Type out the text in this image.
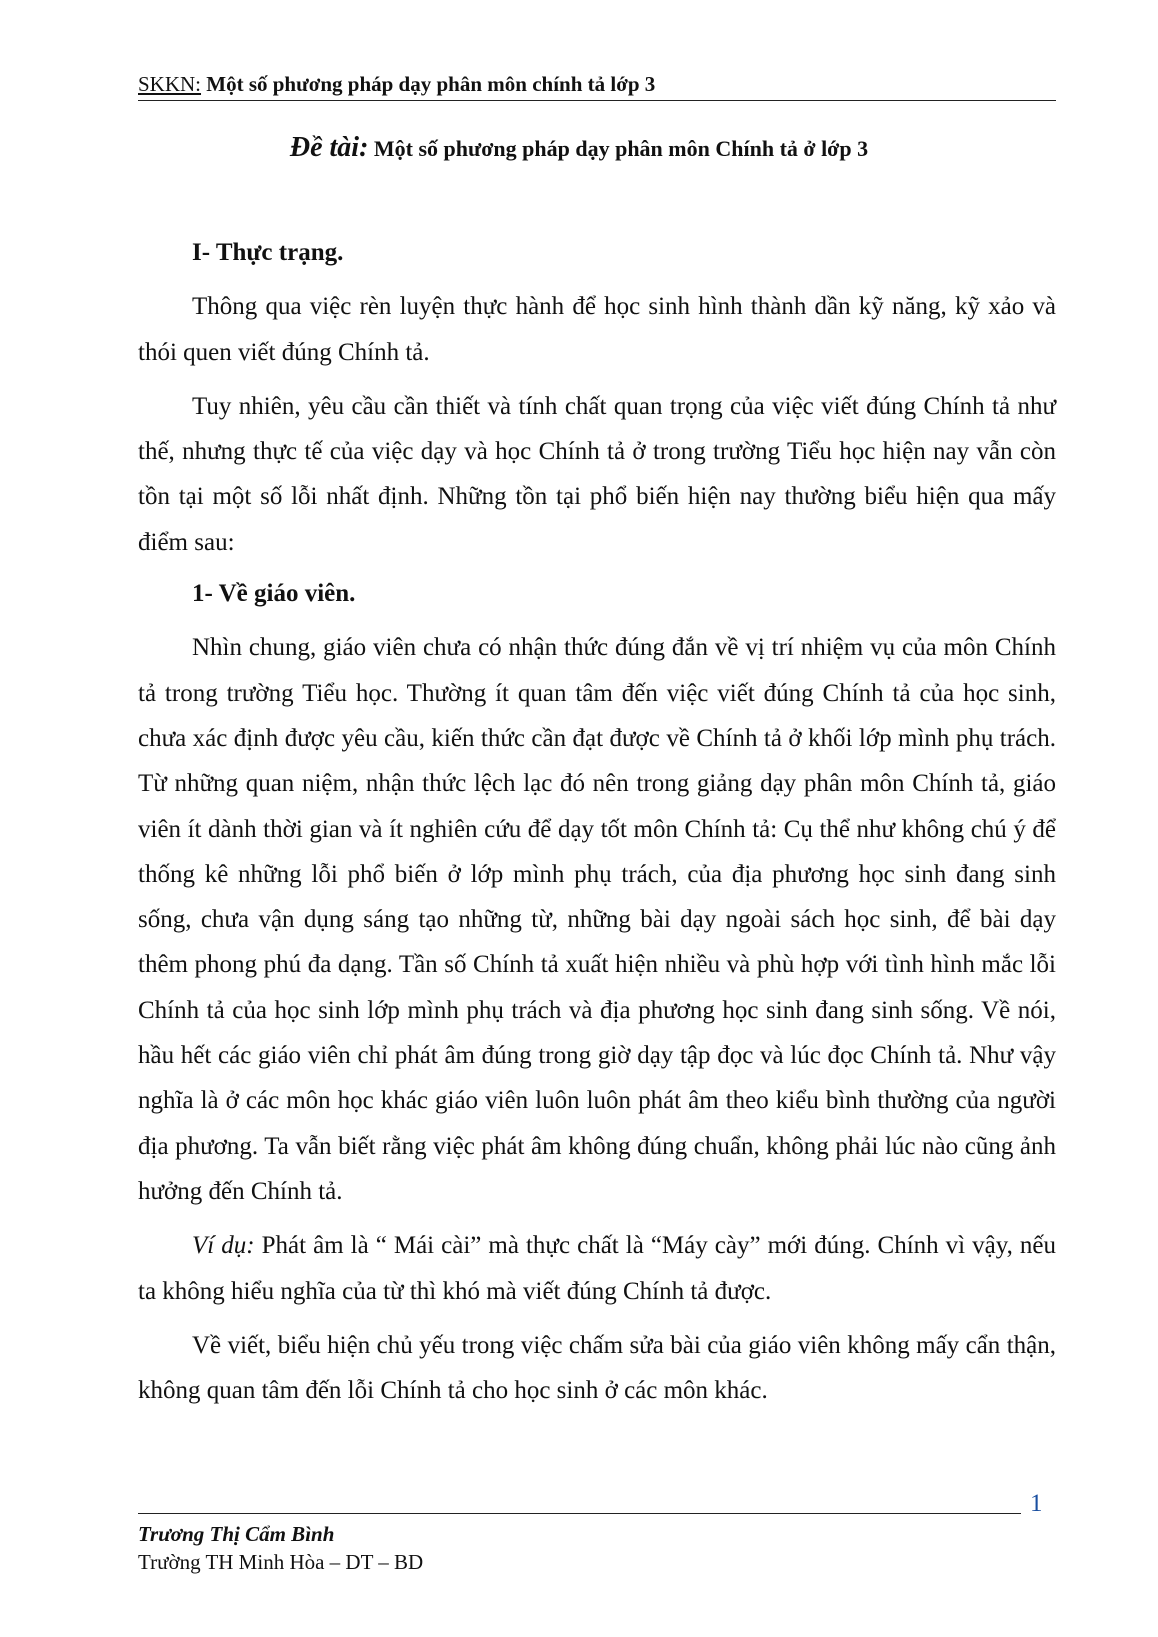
SKKN: Một số phương pháp dạy phân môn chính tả lớp 3
Đề tài: Một số phương pháp dạy phân môn Chính tả ở lớp 3

I- Thực trạng.

Thông qua việc rèn luyện thực hành để học sinh hình thành dần kỹ năng, kỹ xảo và thói quen viết đúng Chính tả.

Tuy nhiên, yêu cầu cần thiết và tính chất quan trọng của việc viết đúng Chính tả như thế, nhưng thực tế của việc dạy và học Chính tả ở trong trường Tiểu học hiện nay vẫn còn tồn tại một số lỗi nhất định. Những tồn tại phổ biến hiện nay thường biểu hiện qua mấy điểm sau:

1- Về giáo viên.

Nhìn chung, giáo viên chưa có nhận thức đúng đắn về vị trí nhiệm vụ của môn Chính tả trong trường Tiểu học. Thường ít quan tâm đến việc viết đúng Chính tả của học sinh, chưa xác định được yêu cầu, kiến thức cần đạt được về Chính tả ở khối lớp mình phụ trách. Từ những quan niệm, nhận thức lệch lạc đó nên trong giảng dạy phân môn Chính tả, giáo viên ít dành thời gian và ít nghiên cứu để dạy tốt môn Chính tả: Cụ thể như không chú ý để thống kê những lỗi phổ biến ở lớp mình phụ trách, của địa phương học sinh đang sinh sống, chưa vận dụng sáng tạo những từ, những bài dạy ngoài sách học sinh, để bài dạy thêm phong phú đa dạng. Tần số Chính tả xuất hiện nhiều và phù hợp với tình hình mắc lỗi Chính tả của học sinh lớp mình phụ trách và địa phương học sinh đang sinh sống. Về nói, hầu hết các giáo viên chỉ phát âm đúng trong giờ dạy tập đọc và lúc đọc Chính tả. Như vậy nghĩa là ở các môn học khác giáo viên luôn luôn phát âm theo kiểu bình thường của người địa phương. Ta vẫn biết rằng việc phát âm không đúng chuẩn, không phải lúc nào cũng ảnh hưởng đến Chính tả.

Ví dụ: Phát âm là “ Mái cài” mà thực chất là “Máy cày” mới đúng. Chính vì vậy, nếu ta không hiểu nghĩa của từ thì khó mà viết đúng Chính tả được.

Về viết, biểu hiện chủ yếu trong việc chấm sửa bài của giáo viên không mấy cẩn thận, không quan tâm đến lỗi Chính tả cho học sinh ở các môn khác.

1
Trương Thị Cẩm Bình
Trường TH Minh Hòa – DT – BD
